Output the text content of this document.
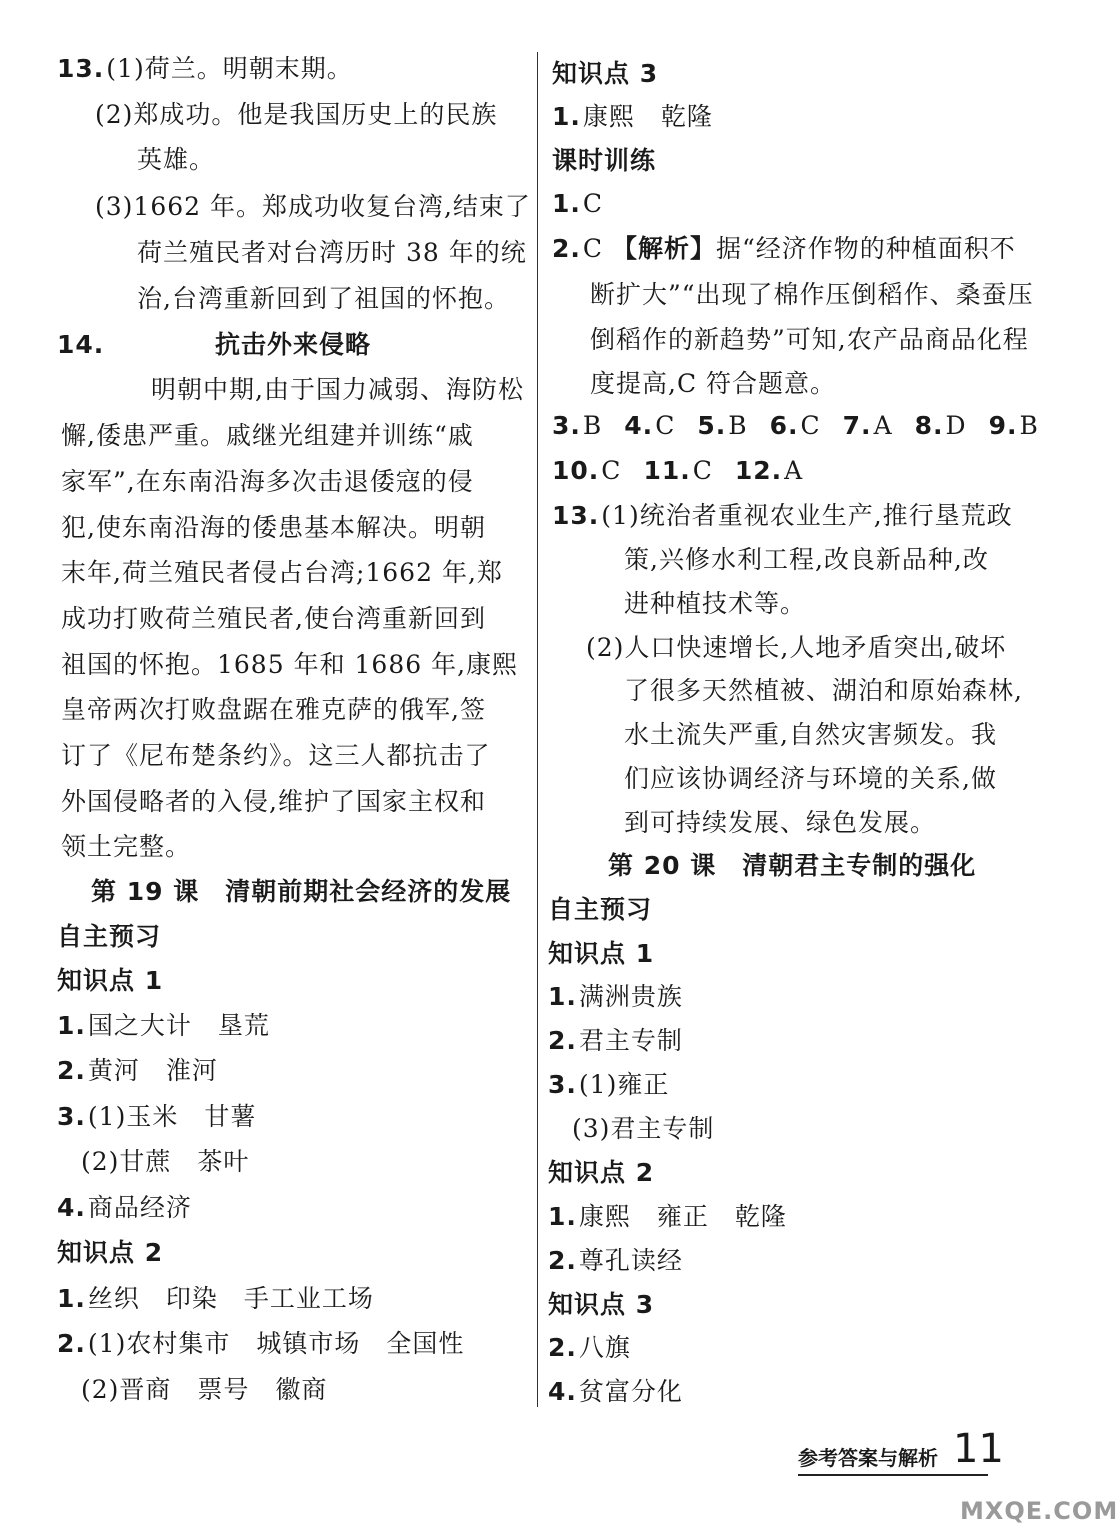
13.(1)荷兰。明朝末期。
(2)郑成功。他是我国历史上的民族
英雄。
(3)1662 年。郑成功收复台湾,结束了
荷兰殖民者对台湾历时 38 年的统
治,台湾重新回到了祖国的怀抱。
14.	抗击外来侵略
明朝中期,由于国力减弱、海防松
懈,倭患严重。戚继光组建并训练“戚
家军”,在东南沿海多次击退倭寇的侵
犯,使东南沿海的倭患基本解决。明朝
末年,荷兰殖民者侵占台湾;1662 年,郑
成功打败荷兰殖民者,使台湾重新回到
祖国的怀抱。1685 年和 1686 年,康熙
皇帝两次打败盘踞在雅克萨的俄军,签
订了《尼布楚条约》。这三人都抗击了
外国侵略者的入侵,维护了国家主权和
领土完整。
第 19 课　清朝前期社会经济的发展
自主预习
知识点 1
1.国之大计　垦荒
2.黄河　淮河
3.(1)玉米　甘薯
(2)甘蔗　茶叶
4.商品经济
知识点 2
1.丝织　印染　手工业工场
2.(1)农村集市　城镇市场　全国性
(2)晋商　票号　徽商
知识点 3
1.康熙　乾隆
课时训练
1.C
2.C 【解析】据“经济作物的种植面积不
断扩大”“出现了棉作压倒稻作、桑蚕压
倒稻作的新趋势”可知,农产品商品化程
度提高,C 符合题意。
3.B 4.C 5.B 6.C 7.A 8.D 9.B
10.C 11.C 12.A
13.(1)统治者重视农业生产,推行垦荒政
策,兴修水利工程,改良新品种,改
进种植技术等。
(2)人口快速增长,人地矛盾突出,破坏
了很多天然植被、湖泊和原始森林,
水土流失严重,自然灾害频发。我
们应该协调经济与环境的关系,做
到可持续发展、绿色发展。
第 20 课　清朝君主专制的强化
自主预习
知识点 1
1.满洲贵族
2.君主专制
3.(1)雍正
(3)君主专制
知识点 2
1.康熙　雍正　乾隆
2.尊孔读经
知识点 3
2.八旗
4.贫富分化
参考答案与解析 11
MXQE.COM
